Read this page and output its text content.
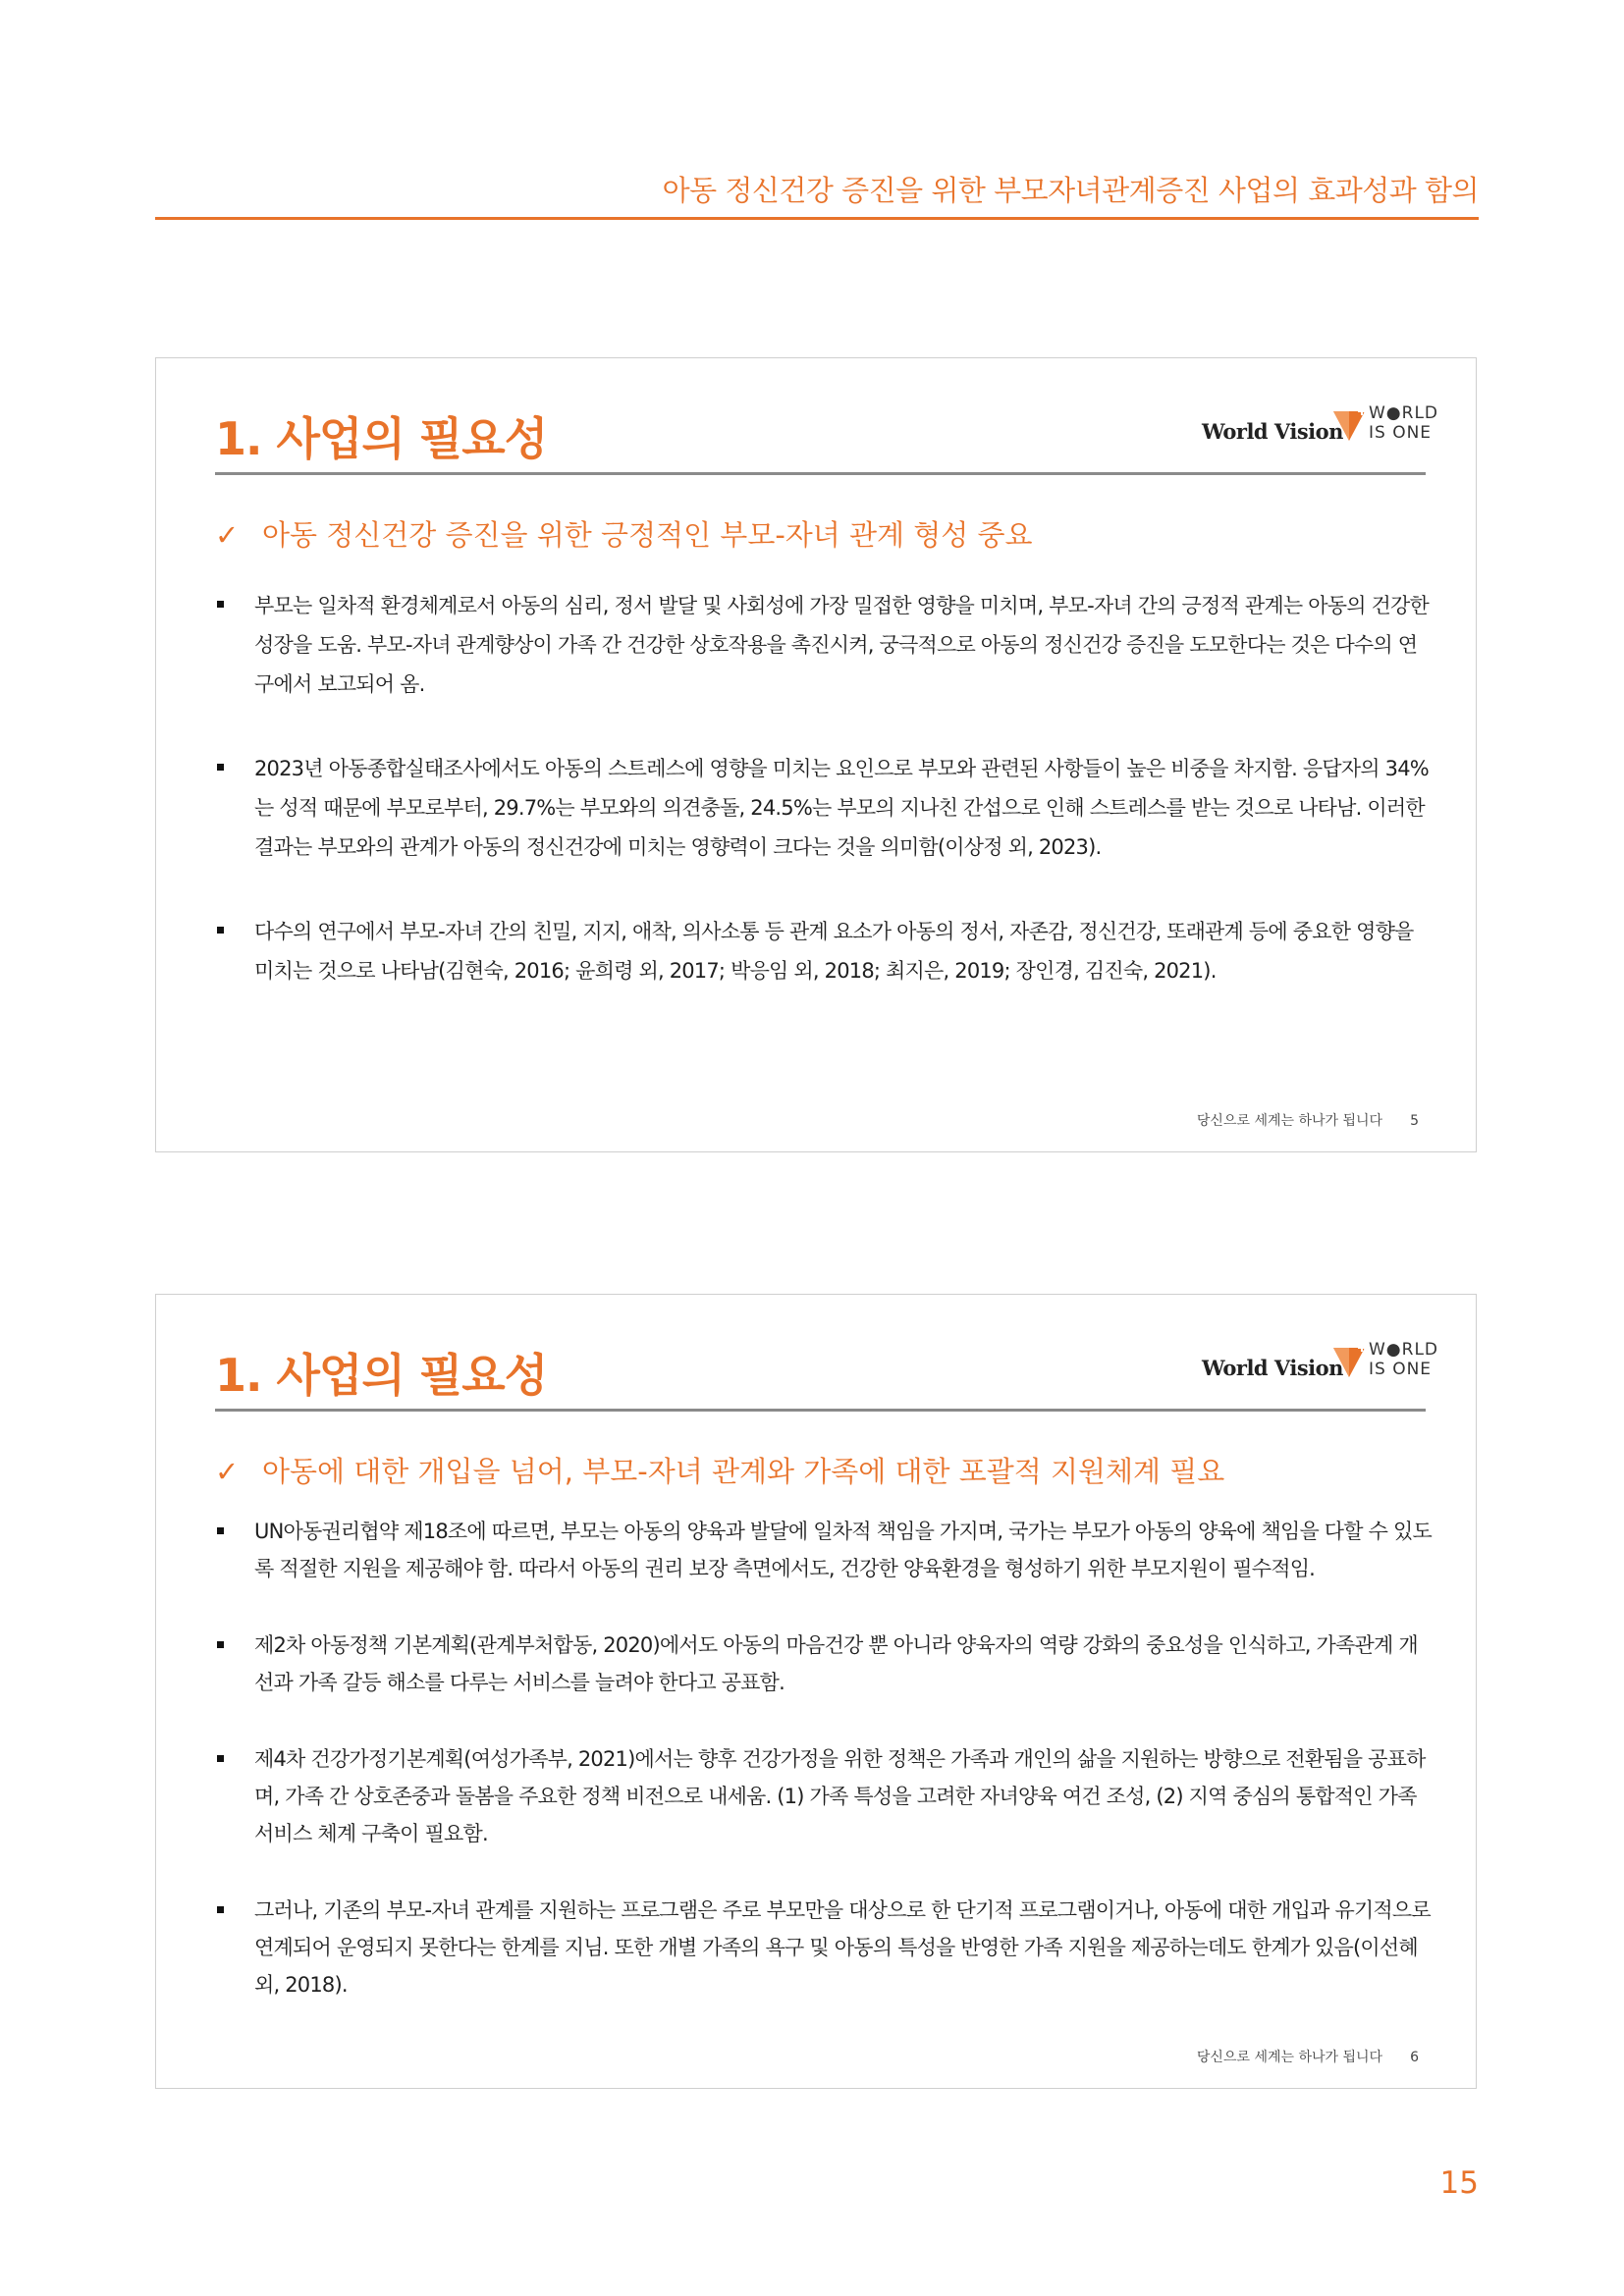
아동 정신건강 증진을 위한 부모자녀관계증진 사업의 효과성과 함의
1. 사업의 필요성	World Vision
W●RLD
IS ONE
✓ 아동 정신건강 증진을 위한 긍정적인 부모-자녀 관계 형성 중요
부모는 일차적 환경체계로서 아동의 심리, 정서 발달 및 사회성에 가장 밀접한 영향을 미치며, 부모-자녀 간의 긍정적 관계는 아동의 건강한 성장을 도움. 부모-자녀 관계향상이 가족 간 건강한 상호작용을 촉진시켜, 궁극적으로 아동의 정신건강 증진을 도모한다는 것은 다수의 연구에서 보고되어 옴.
2023년 아동종합실태조사에서도 아동의 스트레스에 영향을 미치는 요인으로 부모와 관련된 사항들이 높은 비중을 차지함. 응답자의 34%는 성적 때문에 부모로부터, 29.7%는 부모와의 의견충돌, 24.5%는 부모의 지나친 간섭으로 인해 스트레스를 받는 것으로 나타남. 이러한 결과는 부모와의 관계가 아동의 정신건강에 미치는 영향력이 크다는 것을 의미함(이상정 외, 2023).
다수의 연구에서 부모-자녀 간의 친밀, 지지, 애착, 의사소통 등 관계 요소가 아동의 정서, 자존감, 정신건강, 또래관계 등에 중요한 영향을 미치는 것으로 나타남(김현숙, 2016; 윤희령 외, 2017; 박응임 외, 2018; 최지은, 2019; 장인경, 김진숙, 2021).
당신으로 세계는 하나가 됩니다 5
1. 사업의 필요성	World Vision
W●RLD
IS ONE
✓ 아동에 대한 개입을 넘어, 부모-자녀 관계와 가족에 대한 포괄적 지원체계 필요
UN아동권리협약 제18조에 따르면, 부모는 아동의 양육과 발달에 일차적 책임을 가지며, 국가는 부모가 아동의 양육에 책임을 다할 수 있도록 적절한 지원을 제공해야 함. 따라서 아동의 권리 보장 측면에서도, 건강한 양육환경을 형성하기 위한 부모지원이 필수적임.
제2차 아동정책 기본계획(관계부처합동, 2020)에서도 아동의 마음건강 뿐 아니라 양육자의 역량 강화의 중요성을 인식하고, 가족관계 개선과 가족 갈등 해소를 다루는 서비스를 늘려야 한다고 공표함.
제4차 건강가정기본계획(여성가족부, 2021)에서는 향후 건강가정을 위한 정책은 가족과 개인의 삶을 지원하는 방향으로 전환됨을 공표하며, 가족 간 상호존중과 돌봄을 주요한 정책 비전으로 내세움. (1) 가족 특성을 고려한 자녀양육 여건 조성, (2) 지역 중심의 통합적인 가족 서비스 체계 구축이 필요함.
그러나, 기존의 부모-자녀 관계를 지원하는 프로그램은 주로 부모만을 대상으로 한 단기적 프로그램이거나, 아동에 대한 개입과 유기적으로 연계되어 운영되지 못한다는 한계를 지님. 또한 개별 가족의 욕구 및 아동의 특성을 반영한 가족 지원을 제공하는데도 한계가 있음(이선혜 외, 2018).
당신으로 세계는 하나가 됩니다 6
15
